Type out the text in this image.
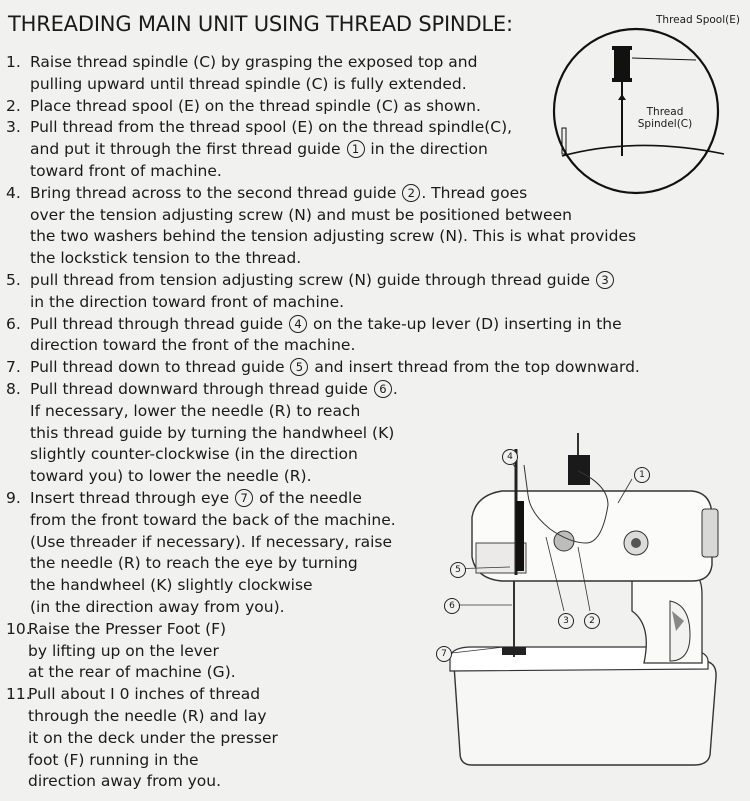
THREADING MAIN UNIT USING THREAD SPINDLE:
1. Raise thread spindle (C) by grasping the exposed top and
pulling upward until thread spindle (C) is fully extended.
2. Place thread spool (E) on the thread spindle (C) as shown.
3. Pull thread from the thread spool (E) on the thread spindle(C),
and put it through the first thread guide 1 in the direction
toward front of machine.
4. Bring thread across to the second thread guide 2 . Thread goes
over the tension adjusting screw (N) and must be positioned between
the two washers behind the tension adjusting screw (N). This is what provides
the lockstick tension to the thread.
5. pull thread from tension adjusting screw (N) guide through thread guide 3
in the direction toward front of machine.
6. Pull thread through thread guide 4 on the take-up lever (D) inserting in the
direction toward the front of the machine.
7. Pull thread down to thread guide 5 and insert thread from the top downward.
8. Pull thread downward through thread guide 6 .
If necessary, lower the needle (R) to reach
this thread guide by turning the handwheel (K)
slightly counter-clockwise (in the direction
toward you) to lower the needle (R).
9. Insert thread through eye 7 of the needle
from the front toward the back of the machine.
(Use threader if necessary). If necessary, raise
the needle (R) to reach the eye by turning
the handwheel (K) slightly clockwise
(in the direction away from you).
10.
Raise the Presser Foot (F)
by lifting up on the lever
at the rear of machine (G).
11.
Pull about I 0 inches of thread
through the needle (R) and lay
it on the deck under the presser
foot (F) running in the
direction away from you.
Thread Spool(E)
Thread
Spindel(C)
4
1
5
6
3	2
7
